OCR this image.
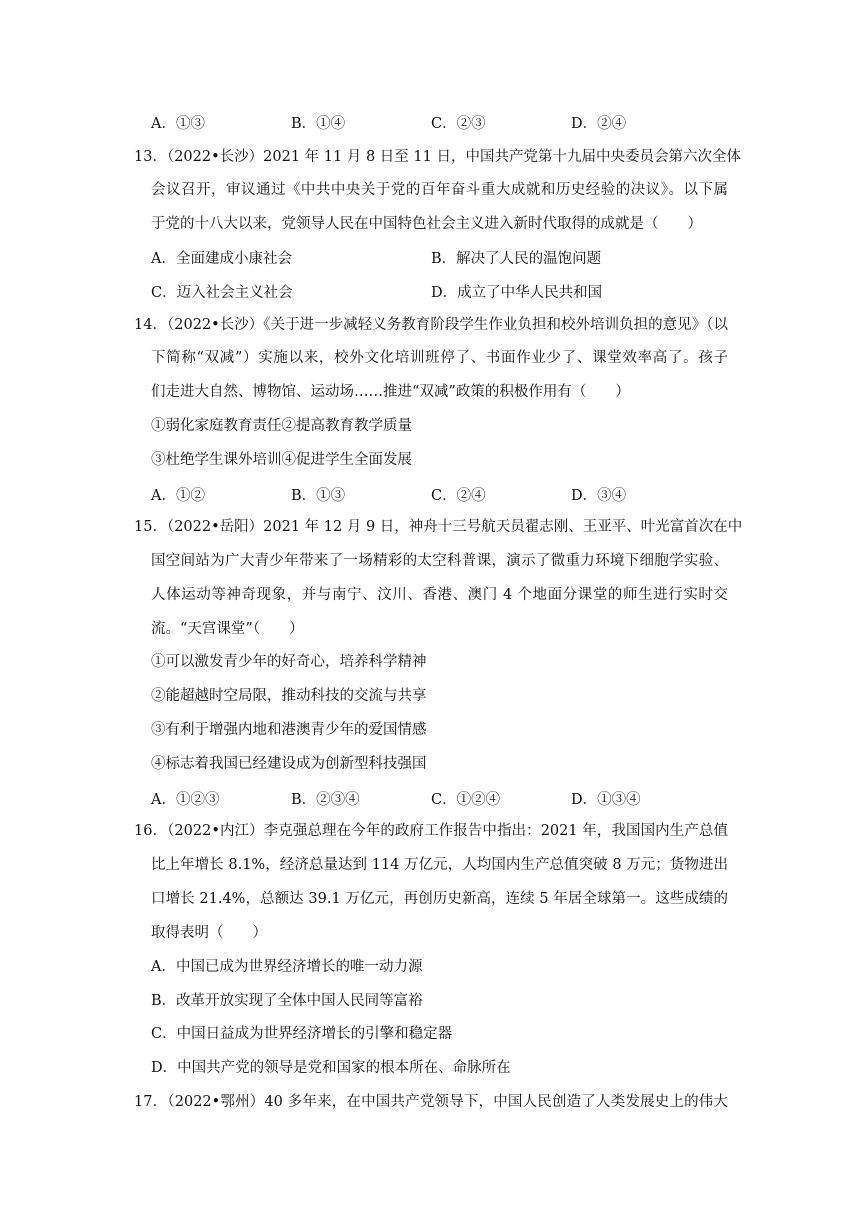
A．①③	B．①④	C．②③	D．②④
13．（2022•长沙）2021 年 11 月 8 日至 11 日，中国共产党第十九届中央委员会第六次全体
会议召开，审议通过《中共中央关于党的百年奋斗重大成就和历史经验的决议》。以下属
于党的十八大以来，党领导人民在中国特色社会主义进入新时代取得的成就是（　　）
A．全面建成小康社会	B．解决了人民的温饱问题
C．迈入社会主义社会	D．成立了中华人民共和国
14．（2022•长沙）《关于进一步减轻义务教育阶段学生作业负担和校外培训负担的意见》（以
下简称“双减”）实施以来，校外文化培训班停了、书面作业少了、课堂效率高了。孩子
们走进大自然、博物馆、运动场……推进“双减”政策的积极作用有（　　）
①弱化家庭教育责任②提高教育教学质量
③杜绝学生课外培训④促进学生全面发展
A．①②	B．①③	C．②④	D．③④
15．（2022•岳阳）2021 年 12 月 9 日，神舟十三号航天员翟志刚、王亚平、叶光富首次在中
国空间站为广大青少年带来了一场精彩的太空科普课，演示了微重力环境下细胞学实验、
人体运动等神奇现象，并与南宁、汶川、香港、澳门 4 个地面分课堂的师生进行实时交
流。“天宫课堂”（　　）
①可以激发青少年的好奇心，培养科学精神
②能超越时空局限，推动科技的交流与共享
③有利于增强内地和港澳青少年的爱国情感
④标志着我国已经建设成为创新型科技强国
A．①②③	B．②③④	C．①②④	D．①③④
16．（2022•内江）李克强总理在今年的政府工作报告中指出：2021 年，我国国内生产总值
比上年增长 8.1%，经济总量达到 114 万亿元，人均国内生产总值突破 8 万元；货物进出
口增长 21.4%，总额达 39.1 万亿元，再创历史新高，连续 5 年居全球第一。这些成绩的
取得表明（　　）
A．中国已成为世界经济增长的唯一动力源
B．改革开放实现了全体中国人民同等富裕
C．中国日益成为世界经济增长的引擎和稳定器
D．中国共产党的领导是党和国家的根本所在、命脉所在
17．（2022•鄂州）40 多年来，在中国共产党领导下，中国人民创造了人类发展史上的伟大
